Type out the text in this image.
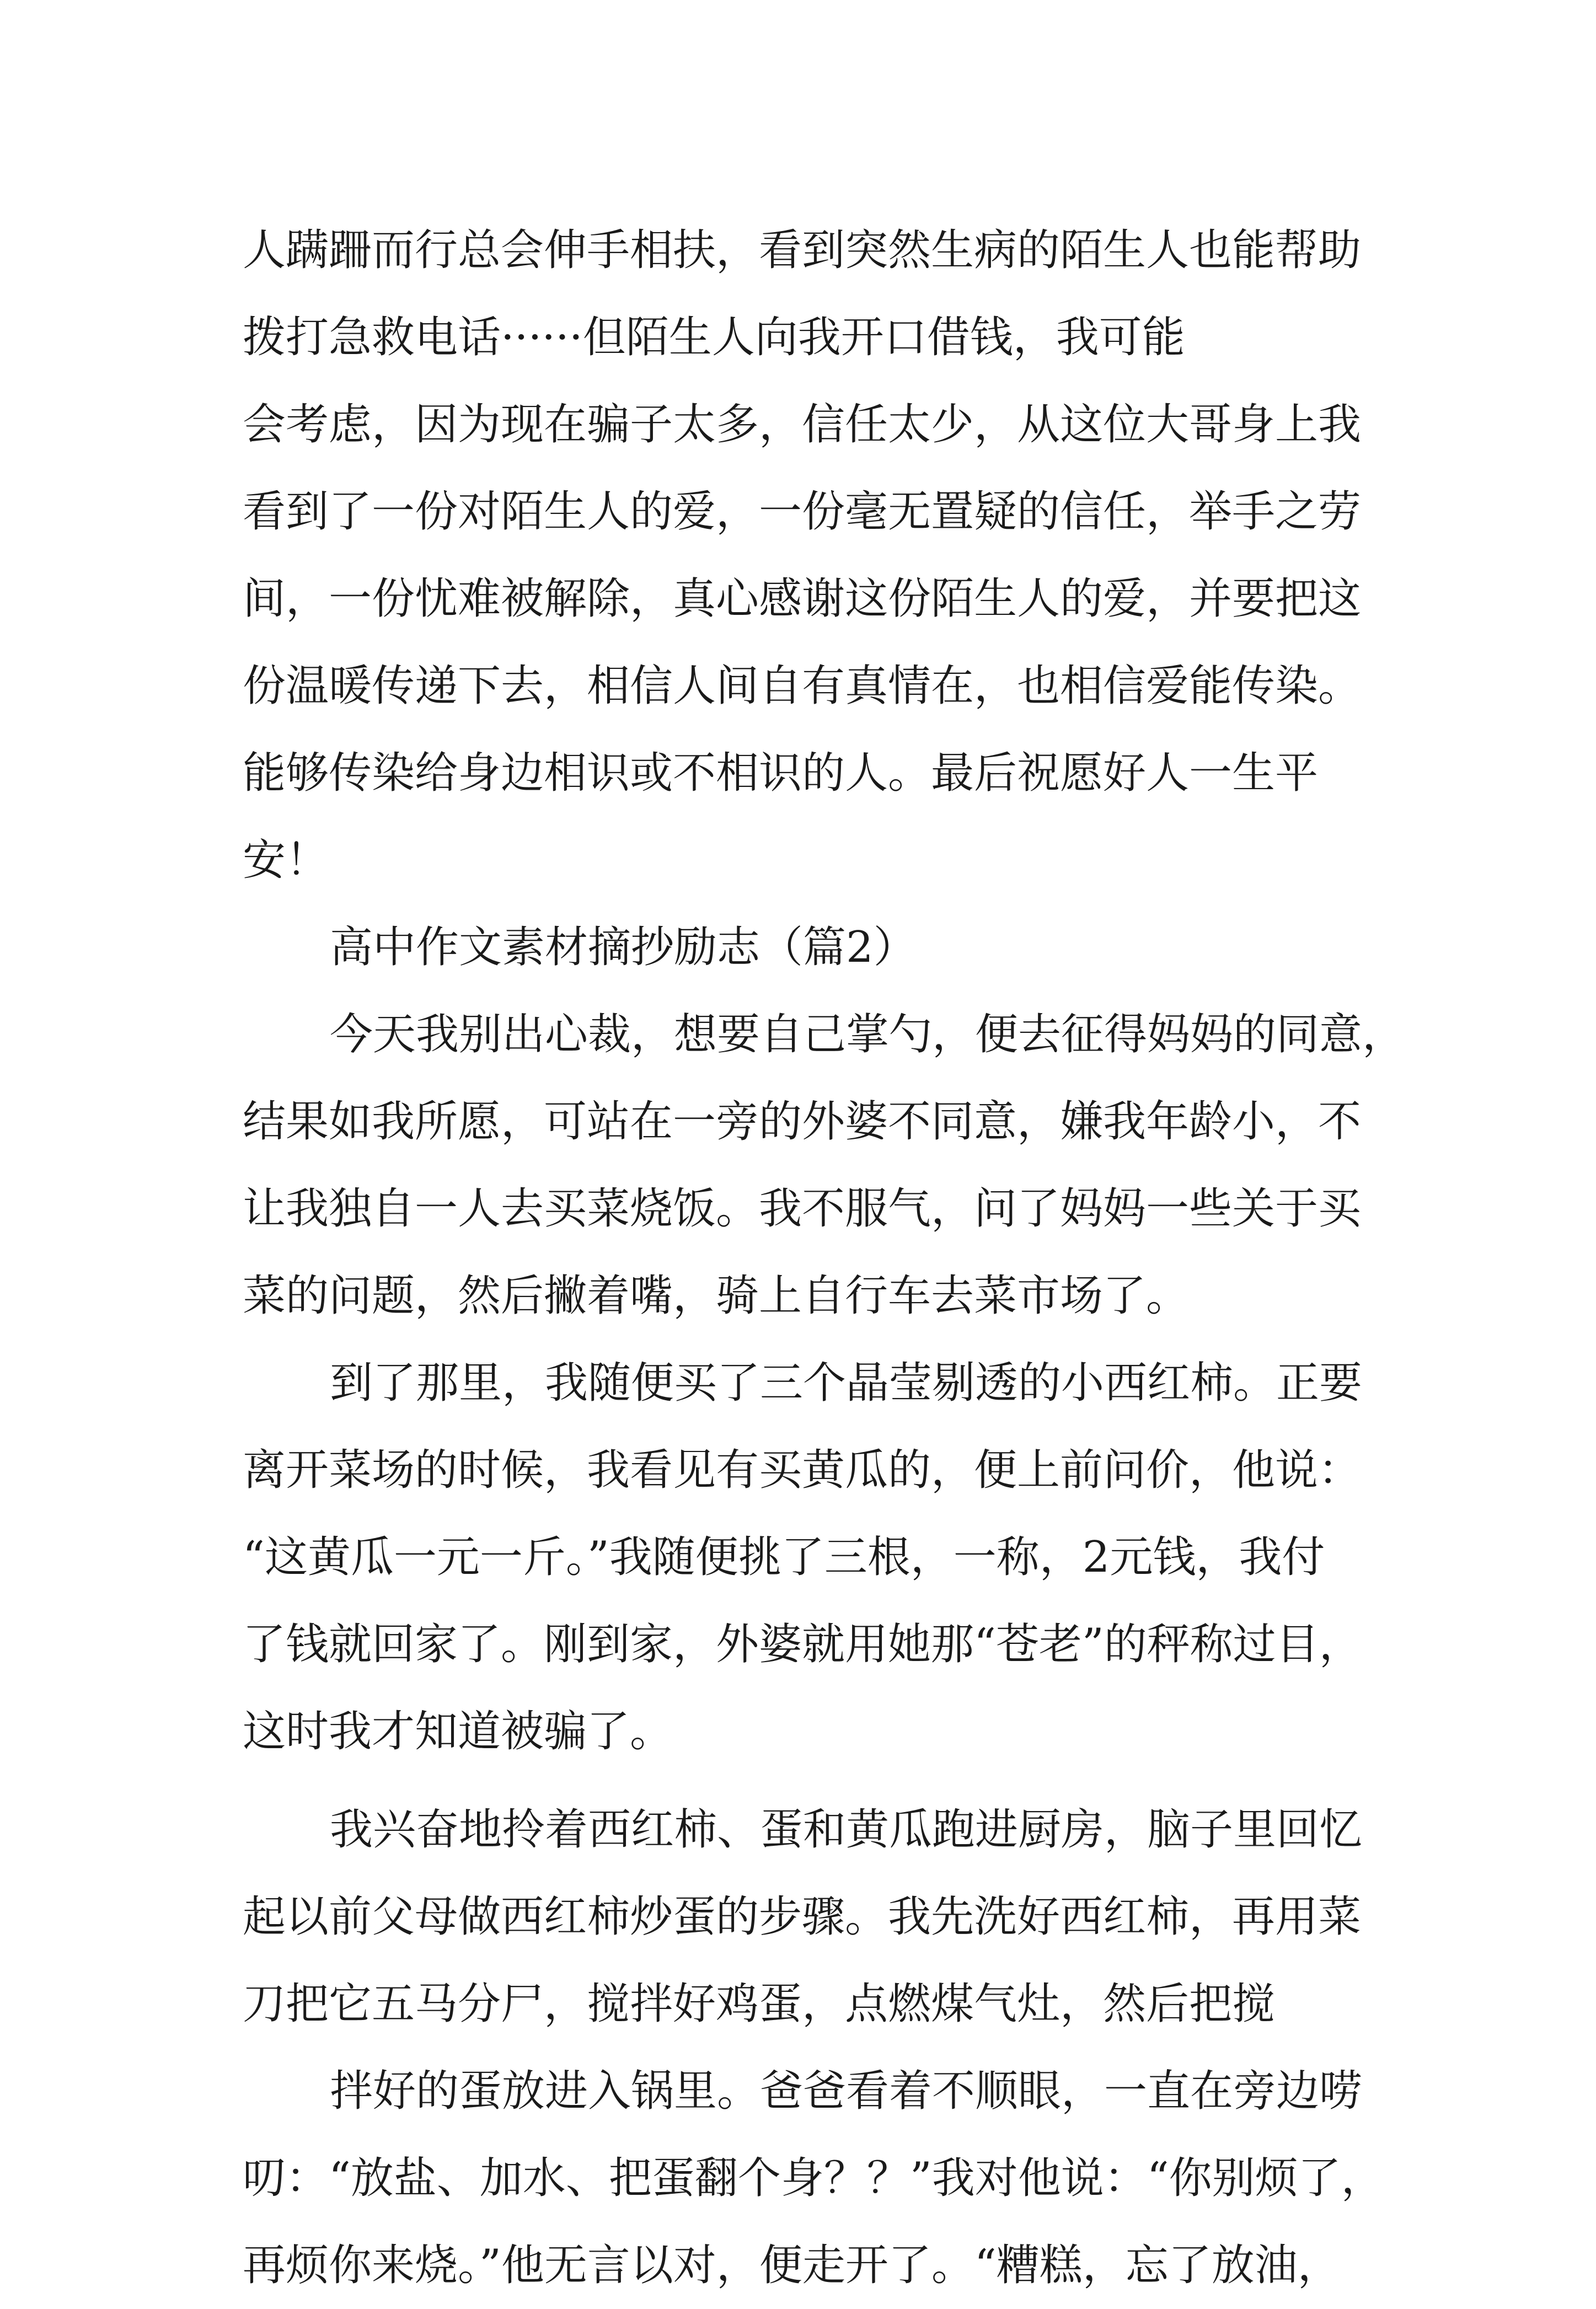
人蹒跚而行总会伸手相扶，看到突然生病的陌生人也能帮助
拨打急救电话······但陌生人向我开口借钱，我可能
会考虑，因为现在骗子太多，信任太少，从这位大哥身上我
看到了一份对陌生人的爱，一份毫无置疑的信任，举手之劳
间，一份忧难被解除，真心感谢这份陌生人的爱，并要把这
份温暖传递下去，相信人间自有真情在，也相信爱能传染。
能够传染给身边相识或不相识的人。最后祝愿好人一生平
安！
高中作文素材摘抄励志（篇2）
今天我别出心裁，想要自己掌勺，便去征得妈妈的同意，
结果如我所愿，可站在一旁的外婆不同意，嫌我年龄小，不
让我独自一人去买菜烧饭。我不服气，问了妈妈一些关于买
菜的问题，然后撇着嘴，骑上自行车去菜市场了。
到了那里，我随便买了三个晶莹剔透的小西红柿。正要
离开菜场的时候，我看见有买黄瓜的，便上前问价，他说：
“这黄瓜一元一斤。”我随便挑了三根，一称，2元钱，我付
了钱就回家了。刚到家，外婆就用她那“苍老”的秤称过目，
这时我才知道被骗了。
我兴奋地拎着西红柿、蛋和黄瓜跑进厨房，脑子里回忆
起以前父母做西红柿炒蛋的步骤。我先洗好西红柿，再用菜
刀把它五马分尸，搅拌好鸡蛋，点燃煤气灶，然后把搅
拌好的蛋放进入锅里。爸爸看着不顺眼，一直在旁边唠
叨：“放盐、加水、把蛋翻个身？？”我对他说：“你别烦了，
再烦你来烧。”他无言以对，便走开了。“糟糕，忘了放油，
